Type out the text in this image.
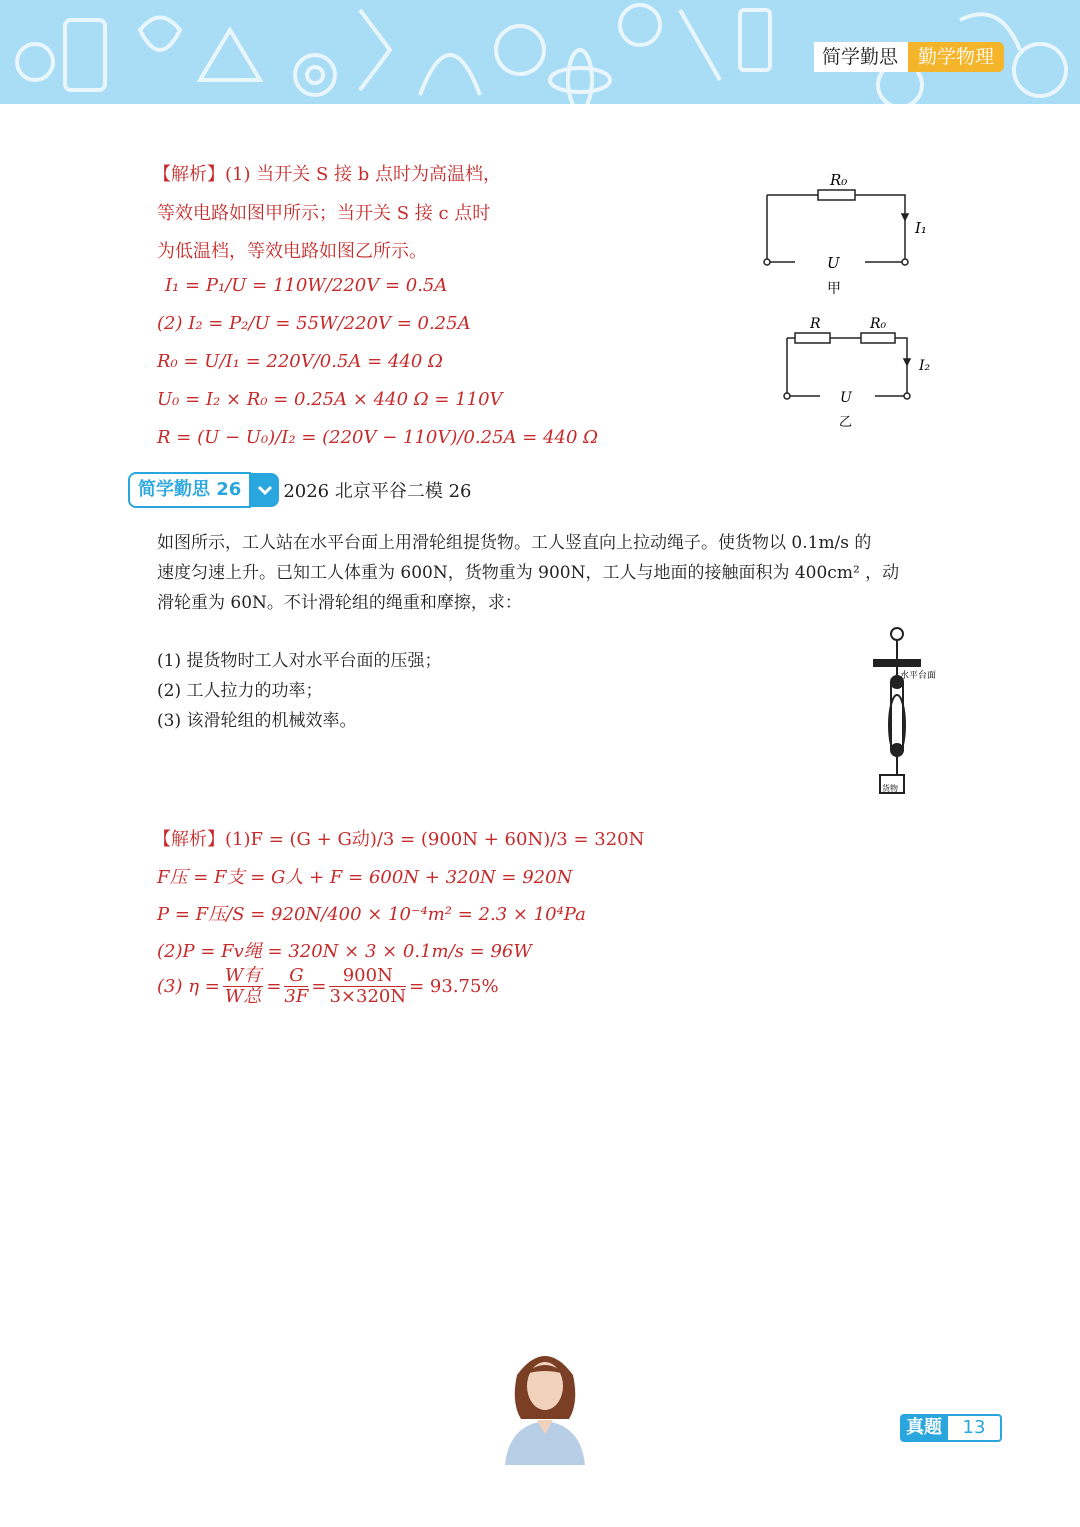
简学勤思	勤学物理
【解析】(1) 当开关 S 接 b 点时为高温档，
等效电路如图甲所示；当开关 S 接 c 点时
为低温档，等效电路如图乙所示。
I₁ = P₁/U = 110W/220V = 0.5A
(2) I₂ = P₂/U = 55W/220V = 0.25A
R₀ = U/I₁ = 220V/0.5A = 440 Ω
U₀ = I₂ × R₀ = 0.25A × 440 Ω = 110V
R = (U − U₀)/I₂ = (220V − 110V)/0.25A = 440 Ω
R₀
I₁
U
甲
R	R₀
I₂
U
乙
简学勤思 26	2026 北京平谷二模 26
如图所示，工人站在水平台面上用滑轮组提货物。工人竖直向上拉动绳子。使货物以 0.1m/s 的
速度匀速上升。已知工人体重为 600N，货物重为 900N，工人与地面的接触面积为 400cm² ，动
滑轮重为 60N。不计滑轮组的绳重和摩擦，求：
(1) 提货物时工人对水平台面的压强；
(2) 工人拉力的功率；
(3) 该滑轮组的机械效率。
水平台面
货物
【解析】(1)F = (G + G动)/3 = (900N + 60N)/3 = 320N
F压 = F支 = G人 + F = 600N + 320N = 920N
P = F压/S = 920N/400 × 10⁻⁴m² = 2.3 × 10⁴Pa
(2)P = Fv绳 = 320N × 3 × 0.1m/s = 96W
(3) $\eta = \frac{\text{W有}}{\text{W总}} = \frac{G}{3F} = \frac{900N}{3\times 320N} = 93.75\%$
真题	13
